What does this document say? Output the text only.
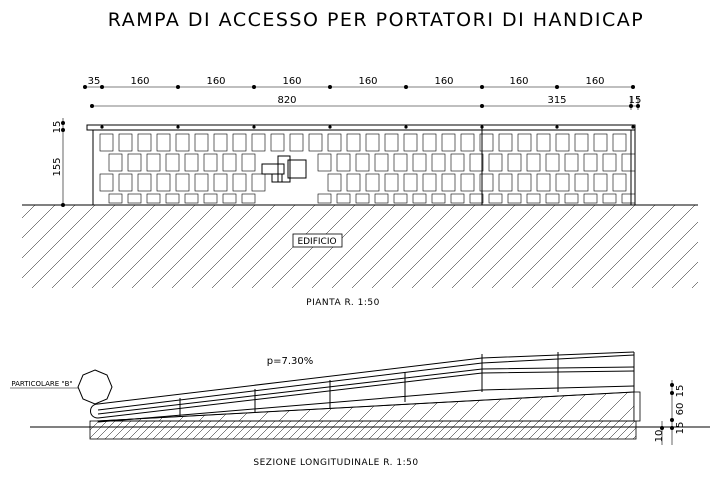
RAMPA DI ACCESSO PER PORTATORI DI HANDICAP
35	160	160	160	160	160	160	160
820	315	15
15
155
EDIFICIO
PIANTA R. 1:50
PARTICOLARE "B"
p=7.30%
15
60
15
10
SEZIONE LONGITUDINALE R. 1:50
